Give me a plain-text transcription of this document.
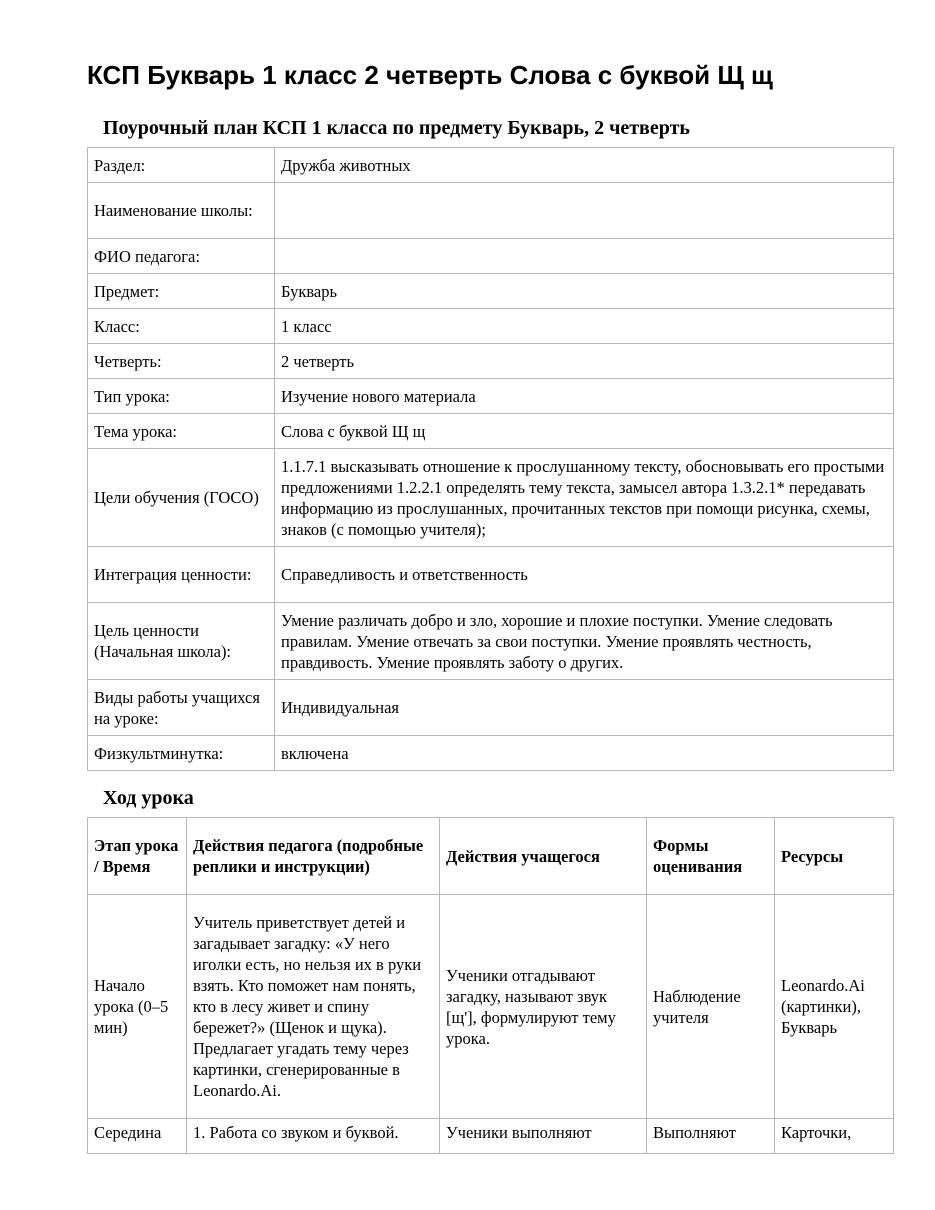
КСП Букварь 1 класс 2 четверть Слова с буквой Щ щ
Поурочный план КСП 1 класса по предмету Букварь, 2 четверть
Раздел:	Дружба животных
Наименование школы:	
ФИО педагога:	
Предмет:	Букварь
Класс:	1 класс
Четверть:	2 четверть
Тип урока:	Изучение нового материала
Тема урока:	Слова с буквой Щ щ
Цели обучения (ГОСО)	1.1.7.1 высказывать отношение к прослушанному тексту, обосновывать его простыми предложениями 1.2.2.1 определять тему текста, замысел автора 1.3.2.1* передавать информацию из прослушанных, прочитанных текстов при помощи рисунка, схемы, знаков (с помощью учителя);
Интеграция ценности:	Справедливость и ответственность
Цель ценности (Начальная школа):	Умение различать добро и зло, хорошие и плохие поступки. Умение следовать правилам. Умение отвечать за свои поступки. Умение проявлять честность, правдивость. Умение проявлять заботу о других.
Виды работы учащихся на уроке:	Индивидуальная
Физкультминутка:	включена
Ход урока
Этап урока / Время	Действия педагога (подробные реплики и инструкции)	Действия учащегося	Формы оценивания	Ресурсы
Начало урока (0–5 мин)	Учитель приветствует детей и загадывает загадку: «У него иголки есть, но нельзя их в руки взять. Кто поможет нам понять, кто в лесу живет и спину бережет?» (Щенок и щука). Предлагает угадать тему через картинки, сгенерированные в Leonardo.Ai.	Ученики отгадывают загадку, называют звук [щ'], формулируют тему урока.	Наблюдение учителя	Leonardo.Ai (картинки), Букварь
Середина	1. Работа со звуком и буквой.	Ученики выполняют	Выполняют	Карточки,
